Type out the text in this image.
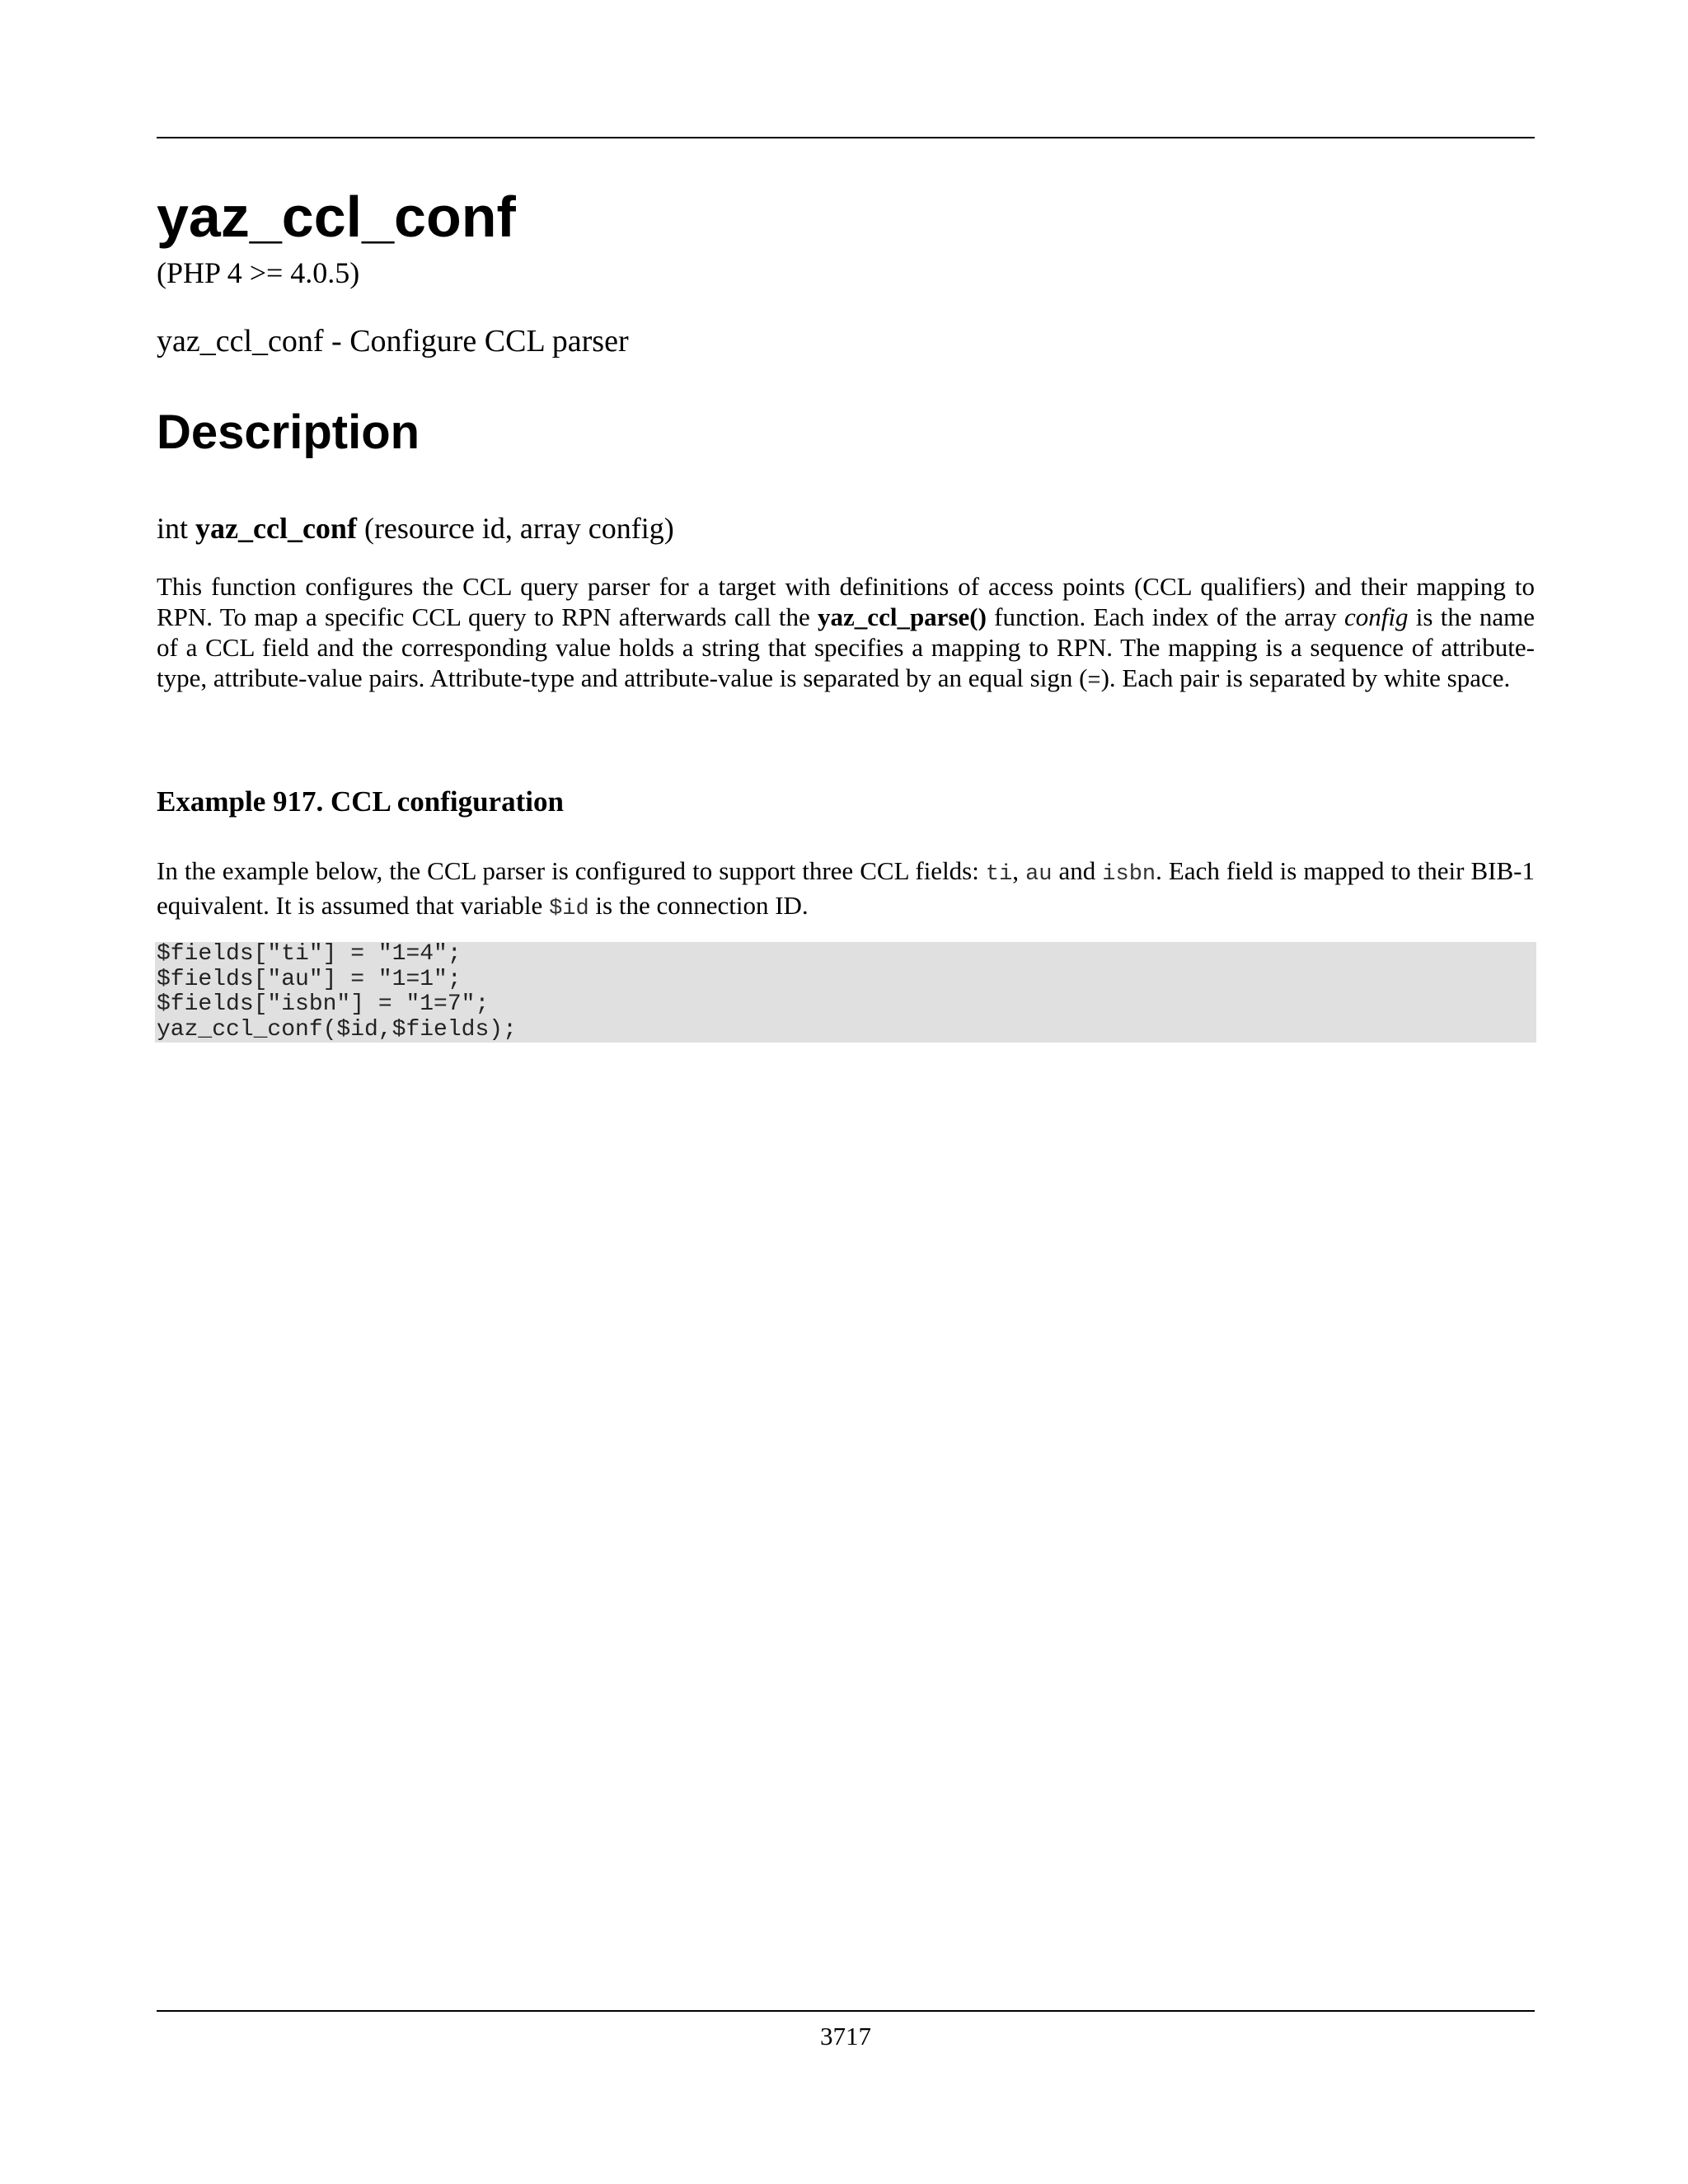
yaz_ccl_conf
(PHP 4 >= 4.0.5)
yaz_ccl_conf - Configure CCL parser
Description
int yaz_ccl_conf (resource id, array config)

This function configures the CCL query parser for a target with definitions of access points (CCL qualifiers) and their mapping to RPN. To map a specific CCL query to RPN afterwards call the yaz_ccl_parse() function. Each index of the array config is the name of a CCL field and the corresponding value holds a string that specifies a mapping to RPN. The mapping is a sequence of attribute-type, attribute-value pairs. Attribute-type and attribute-value is separated by an equal sign (=). Each pair is separated by white space.

Example 917. CCL configuration

In the example below, the CCL parser is configured to support three CCL fields: ti, au and isbn. Each field is mapped to their BIB-1 equivalent. It is assumed that variable $id is the connection ID.

$fields["ti"] = "1=4";
$fields["au"] = "1=1";
$fields["isbn"] = "1=7";
yaz_ccl_conf($id,$fields);
3717
